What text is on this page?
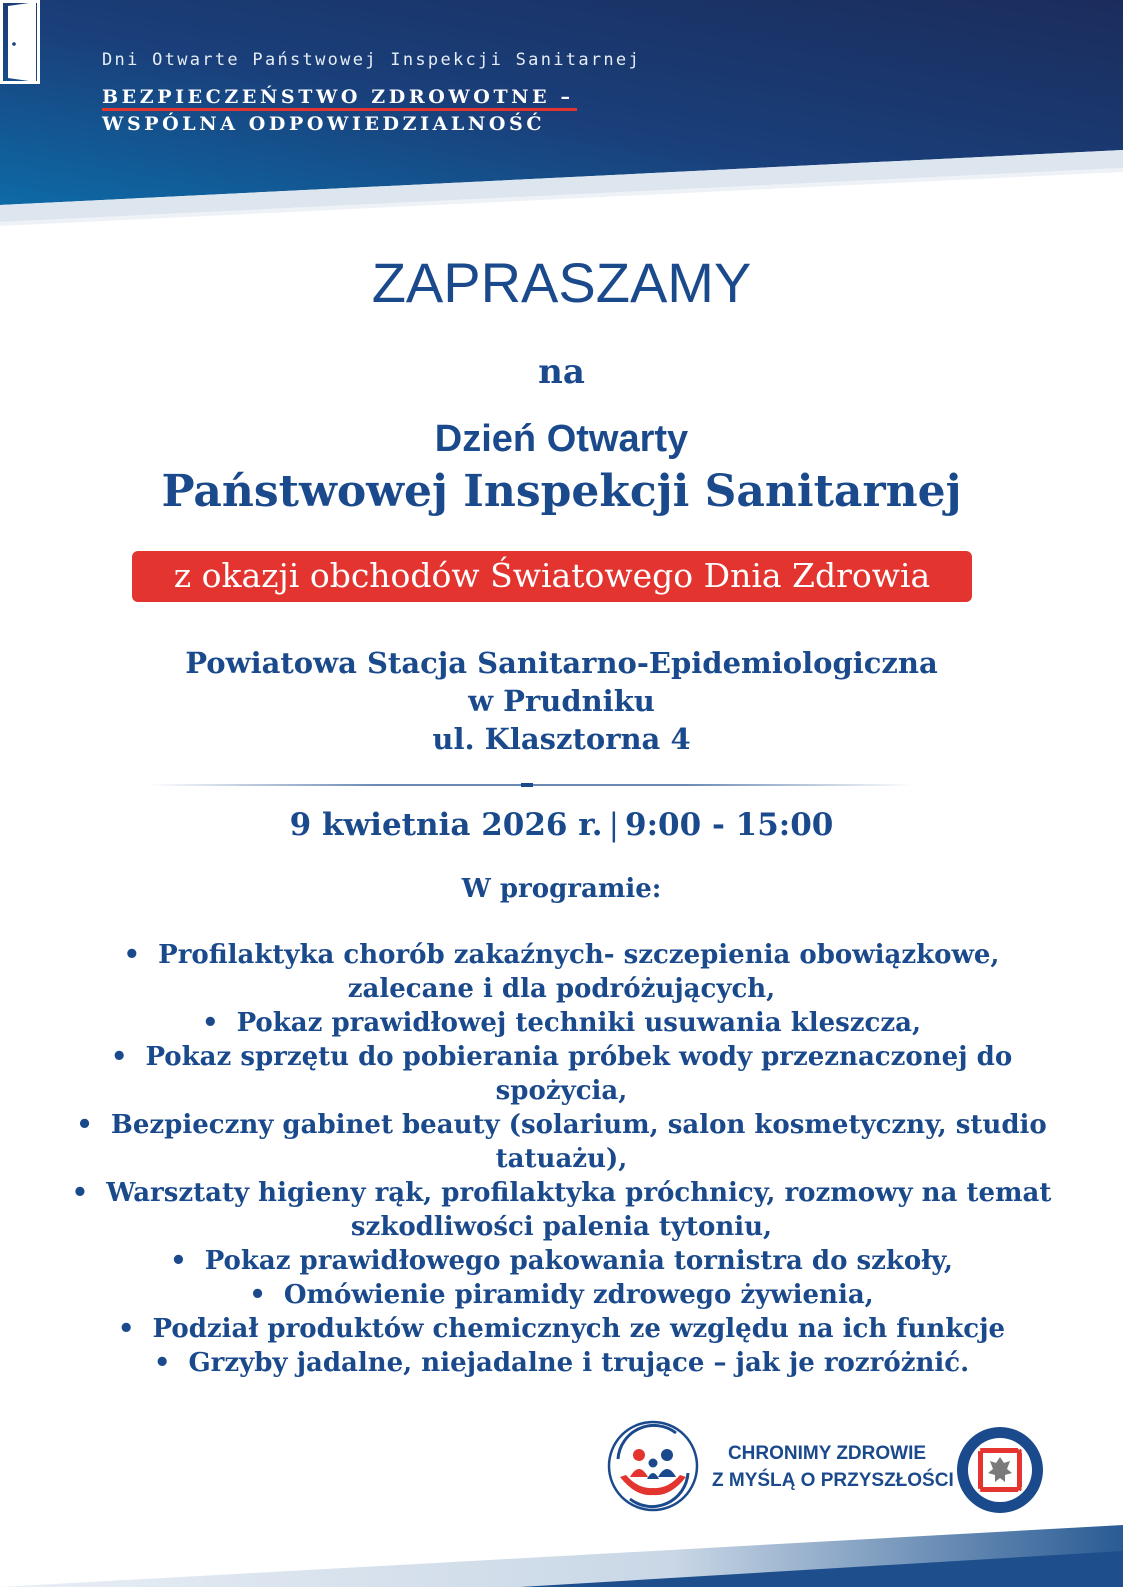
Dni Otwarte Państwowej Inspekcji Sanitarnej
BEZPIECZEŃSTWO ZDROWOTNE –
WSPÓLNA ODPOWIEDZIALNOŚĆ
ZAPRASZAMY
na
Dzień Otwarty
Państwowej Inspekcji Sanitarnej
z okazji obchodów Światowego Dnia Zdrowia
Powiatowa Stacja Sanitarno-Epidemiologiczna
w Prudniku
ul. Klasztorna 4
9 kwietnia 2026 r. | 9:00 - 15:00
W programie:
• Profilaktyka chorób zakaźnych- szczepienia obowiązkowe, zalecane i dla podróżujących,
• Pokaz prawidłowej techniki usuwania kleszcza,
• Pokaz sprzętu do pobierania próbek wody przeznaczonej do spożycia,
• Bezpieczny gabinet beauty (solarium, salon kosmetyczny, studio tatuażu),
• Warsztaty higieny rąk, profilaktyka próchnicy, rozmowy na temat szkodliwości palenia tytoniu,
• Pokaz prawidłowego pakowania tornistra do szkoły,
• Omówienie piramidy zdrowego żywienia,
• Podział produktów chemicznych ze względu na ich funkcje
• Grzyby jadalne, niejadalne i trujące – jak je rozróżnić.
CHRONIMY ZDROWIE
Z MYŚLĄ O PRZYSZŁOŚCI
